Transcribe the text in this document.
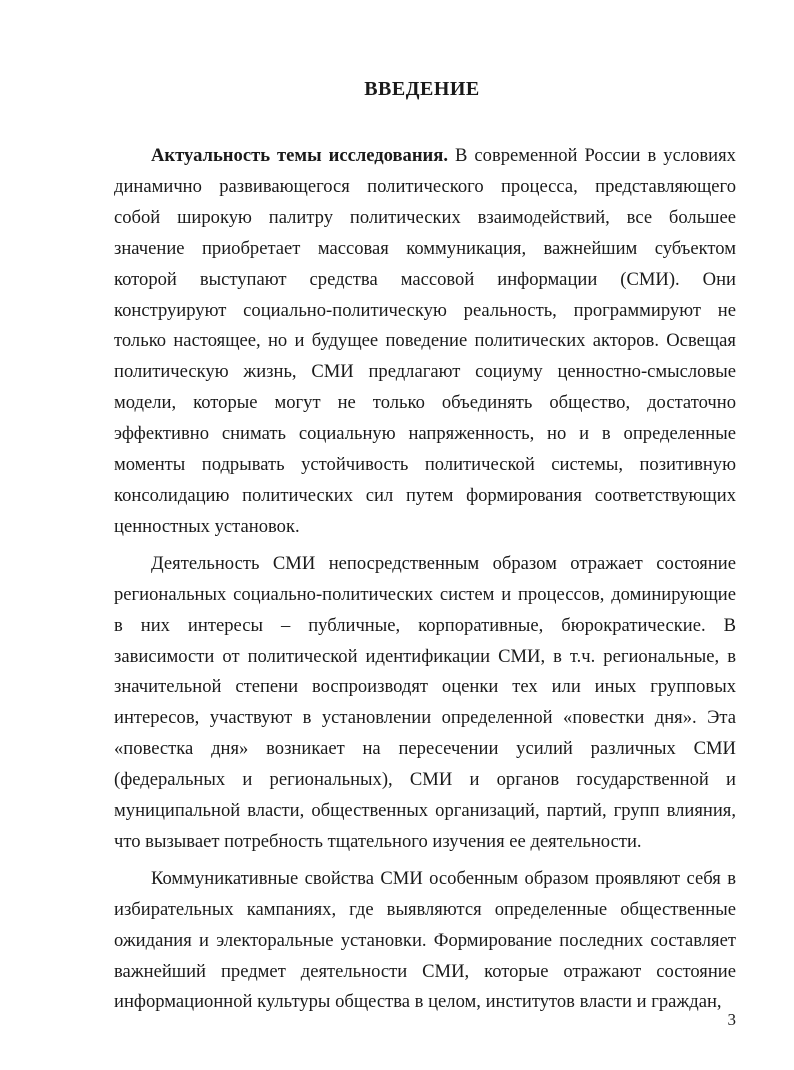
ВВЕДЕНИЕ

Актуальность темы исследования. В современной России в условиях динамично развивающегося политического процесса, представляющего собой широкую палитру политических взаимодействий, все большее значение приобретает массовая коммуникация, важнейшим субъектом которой выступают средства массовой информации (СМИ). Они конструируют социально-политическую реальность, программируют не только настоящее, но и будущее поведение политических акторов. Освещая политическую жизнь, СМИ предлагают социуму ценностно-смысловые модели, которые могут не только объединять общество, достаточно эффективно снимать социальную напряженность, но и в определенные моменты подрывать устойчивость политической системы, позитивную консолидацию политических сил путем формирования соответствующих ценностных установок.

Деятельность СМИ непосредственным образом отражает состояние региональных социально-политических систем и процессов, доминирующие в них интересы – публичные, корпоративные, бюрократические. В зависимости от политической идентификации СМИ, в т.ч. региональные, в значительной степени воспроизводят оценки тех или иных групповых интересов, участвуют в установлении определенной «повестки дня». Эта «повестка дня» возникает на пересечении усилий различных СМИ (федеральных и региональных), СМИ и органов государственной и муниципальной власти, общественных организаций, партий, групп влияния, что вызывает потребность тщательного изучения ее деятельности.

Коммуникативные свойства СМИ особенным образом проявляют себя в избирательных кампаниях, где выявляются определенные общественные ожидания и электоральные установки. Формирование последних составляет важнейший предмет деятельности СМИ, которые отражают состояние информационной культуры общества в целом, институтов власти и граждан,

3
